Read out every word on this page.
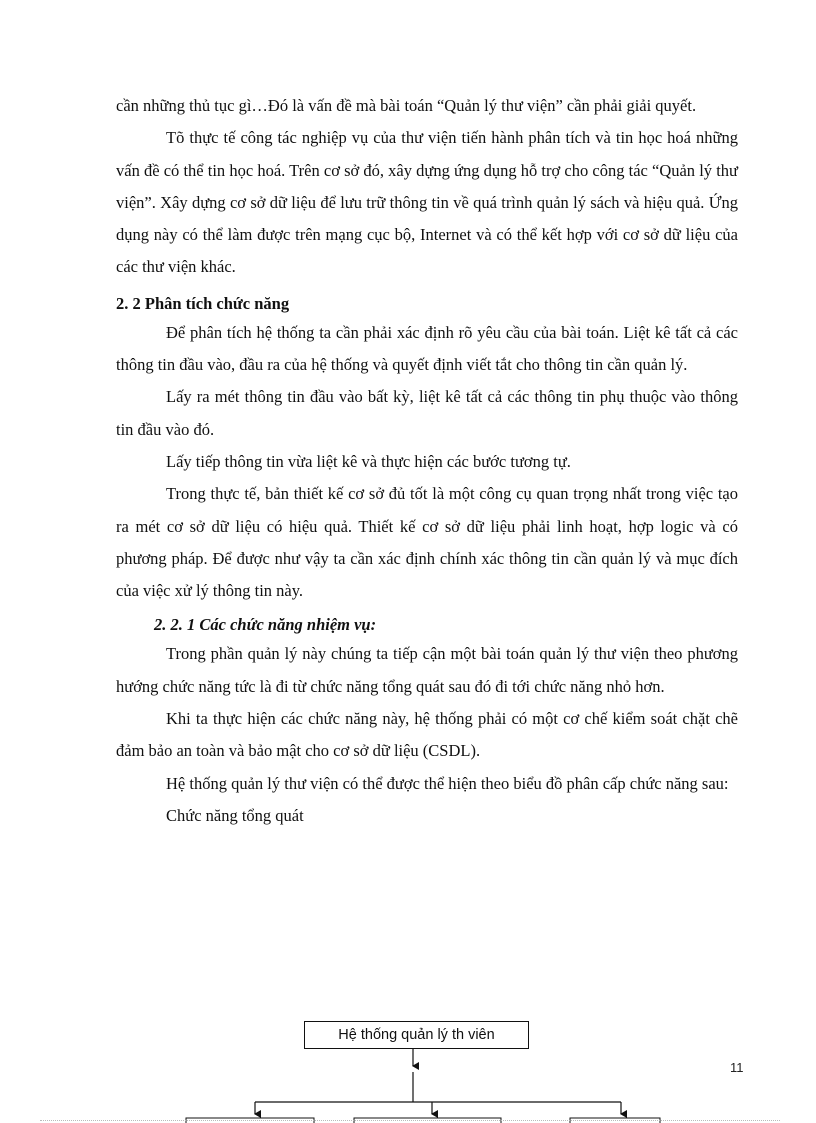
cần những thủ tục gì…Đó là vấn đề mà bài toán “Quản lý thư viện” cần phải giải quyết.

Tõ thực tế công tác nghiệp vụ của thư viện tiến hành phân tích và tin học hoá những vấn đề có thể tin học hoá. Trên cơ sở đó, xây dựng ứng dụng hỗ trợ cho công tác “Quản lý thư viện”. Xây dựng cơ sở dữ liệu để lưu trữ thông tin về quá trình quản lý sách và hiệu quả. Ứng dụng này có thể làm được trên mạng cục bộ, Internet và có thể kết hợp với cơ sở dữ liệu của các thư viện khác.

2. 2 Phân tích chức năng

Để phân tích hệ thống ta cần phải xác định rõ yêu cầu của bài toán. Liệt kê tất cả các thông tin đầu vào, đầu ra của hệ thống và quyết định viết tắt cho thông tin cần quản lý.

Lấy ra mét thông tin đầu vào bất kỳ, liệt kê tất cả các thông tin phụ thuộc vào thông tin đầu vào đó.

Lấy tiếp thông tin vừa liệt kê và thực hiện các bước tương tự.

Trong thực tế, bản thiết kế cơ sở đủ tốt là một công cụ quan trọng nhất trong việc tạo ra mét cơ sở dữ liệu có hiệu quả. Thiết kế cơ sở dữ liệu phải linh hoạt, hợp logic và có phương pháp. Để được như vậy ta cần xác định chính xác thông tin cần quản lý và mục đích của việc xử lý thông tin này.

2. 2. 1 Các chức năng nhiệm vụ:

Trong phần quản lý này chúng ta tiếp cận một bài toán quản lý thư viện theo phương hướng chức năng tức là đi từ chức năng tổng quát sau đó đi tới chức năng nhỏ hơn.

Khi ta thực hiện các chức năng này, hệ thống phải có một cơ chế kiểm soát chặt chẽ đảm bảo an toàn và bảo mật cho cơ sở dữ liệu (CSDL).

Hệ thống quản lý thư viện có thể được thể hiện theo biểu đồ phân cấp chức năng sau:

Chức năng tổng quát

Hệ thống quản lý th viên
11
